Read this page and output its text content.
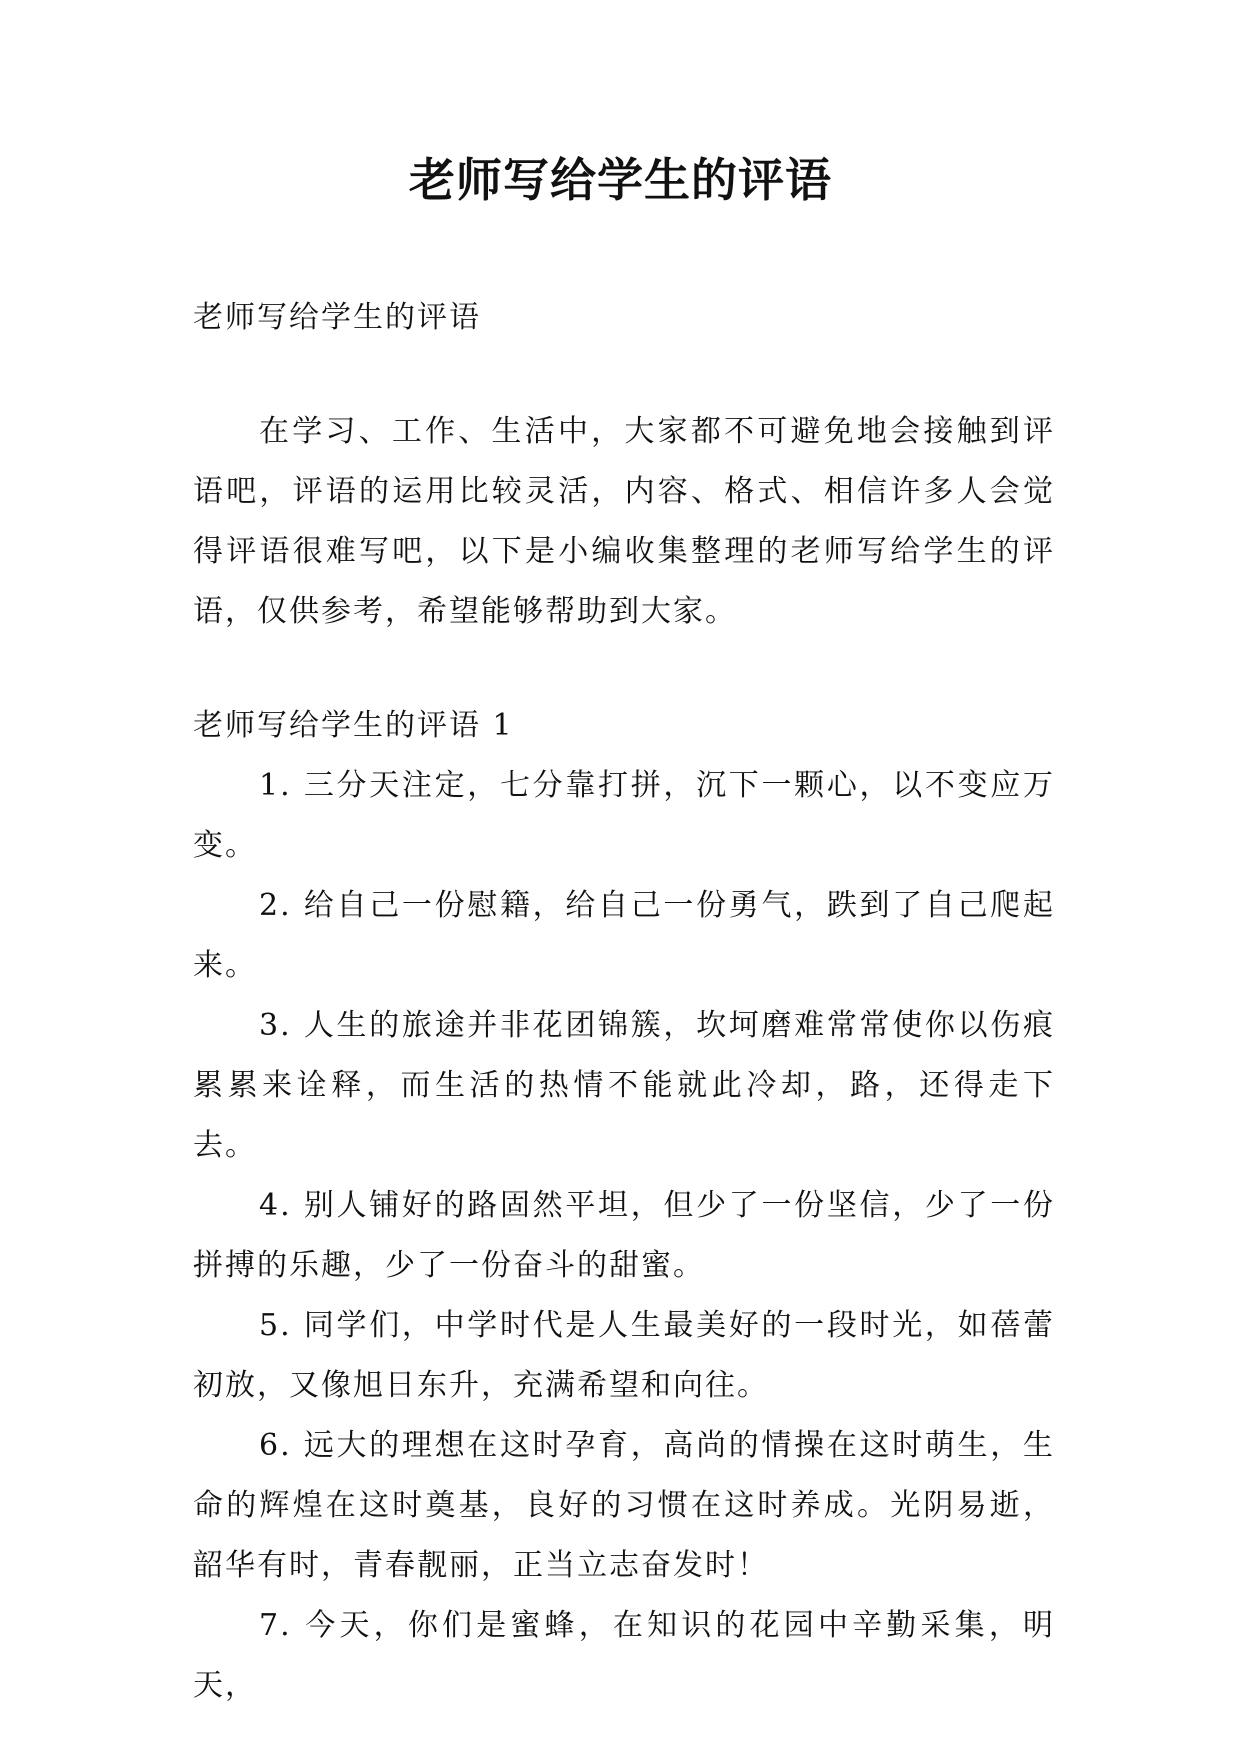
老师写给学生的评语

老师写给学生的评语

在学习、工作、生活中，大家都不可避免地会接触到评语吧，评语的运用比较灵活，内容、格式、相信许多人会觉得评语很难写吧，以下是小编收集整理的老师写给学生的评语，仅供参考，希望能够帮助到大家。

老师写给学生的评语 1

1. 三分天注定，七分靠打拼，沉下一颗心，以不变应万变。

2. 给自己一份慰籍，给自己一份勇气，跌到了自己爬起来。

3. 人生的旅途并非花团锦簇，坎坷磨难常常使你以伤痕累累来诠释，而生活的热情不能就此冷却，路，还得走下去。

4. 别人铺好的路固然平坦，但少了一份坚信，少了一份拼搏的乐趣，少了一份奋斗的甜蜜。

5. 同学们，中学时代是人生最美好的一段时光，如蓓蕾初放，又像旭日东升，充满希望和向往。

6. 远大的理想在这时孕育，高尚的情操在这时萌生，生命的辉煌在这时奠基，良好的习惯在这时养成。光阴易逝，韶华有时，青春靓丽，正当立志奋发时！

7. 今天，你们是蜜蜂，在知识的花园中辛勤采集，明天，
